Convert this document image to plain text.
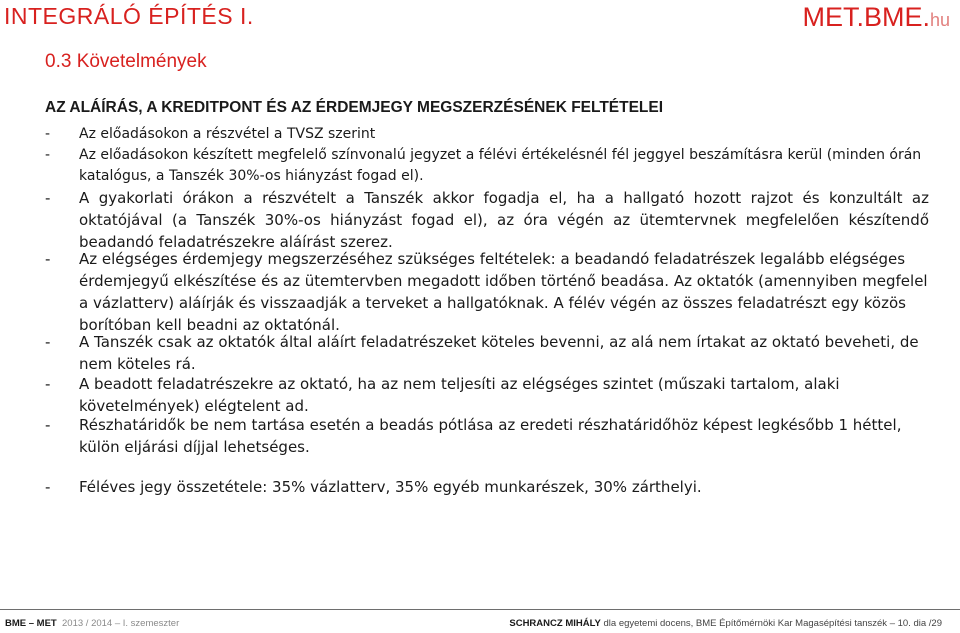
INTEGRÁLÓ ÉPÍTÉS I.	MET.BME.hu
0.3 Követelmények
AZ ALÁÍRÁS, A KREDITPONT ÉS AZ ÉRDEMJEGY MEGSZERZÉSÉNEK FELTÉTELEI
- Az előadásokon a részvétel a TVSZ szerint
- Az előadásokon készített megfelelő színvonalú jegyzet a félévi értékelésnél fél jeggyel beszámításra kerül (minden órán katalógus, a Tanszék 30%-os hiányzást fogad el).
- A gyakorlati órákon a részvételt a Tanszék akkor fogadja el, ha a hallgató hozott rajzot és konzultált az oktatójával (a Tanszék 30%-os hiányzást fogad el), az óra végén az ütemtervnek megfelelően készítendő beadandó feladatrészekre aláírást szerez.
- Az elégséges érdemjegy megszerzéséhez szükséges feltételek: a beadandó feladatrészek legalább elégséges érdemjegyű elkészítése és az ütemtervben megadott időben történő beadása. Az oktatók (amennyiben megfelel a vázlatterv) aláírják és visszaadják a terveket a hallgatóknak. A félév végén az összes feladatrészt egy közös borítóban kell beadni az oktatónál.
- A Tanszék csak az oktatók által aláírt feladatrészeket köteles bevenni, az alá nem írtakat az oktató beveheti, de nem köteles rá.
- A beadott feladatrészekre az oktató, ha az nem teljesíti az elégséges szintet (műszaki tartalom, alaki követelmények) elégtelent ad.
- Részhatáridők be nem tartása esetén a beadás pótlása az eredeti részhatáridőhöz képest legkésőbb 1 héttel, külön eljárási díjjal lehetséges.
- Féléves jegy összetétele: 35% vázlatterv, 35% egyéb munkarészek, 30% zárthelyi.
BME – MET 2013 / 2014 – I. szemeszter	SCHRANCZ MIHÁLY dla egyetemi docens, BME Építőmérnöki Kar Magasépítési tanszék – 10. dia /29
